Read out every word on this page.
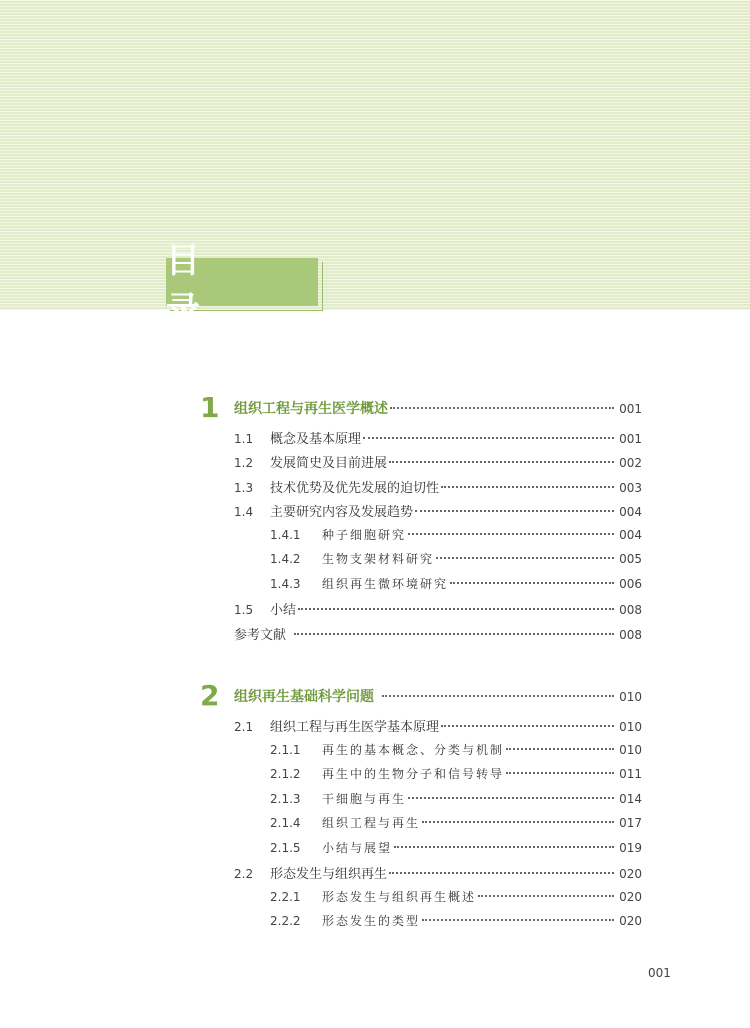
目　录
1 组织工程与再生医学概述	001
1.1	概念及基本原理	001
1.2	发展简史及目前进展	002
1.3	技术优势及优先发展的迫切性	003
1.4	主要研究内容及发展趋势	004
1.4.1	种子细胞研究	004
1.4.2	生物支架材料研究	005
1.4.3	组织再生微环境研究	006
1.5	小结	008
参考文献	008
2 组织再生基础科学问题	010
2.1	组织工程与再生医学基本原理	010
2.1.1	再生的基本概念、分类与机制	010
2.1.2	再生中的生物分子和信号转导	011
2.1.3	干细胞与再生	014
2.1.4	组织工程与再生	017
2.1.5	小结与展望	019
2.2	形态发生与组织再生	020
2.2.1	形态发生与组织再生概述	020
2.2.2	形态发生的类型	020
001
